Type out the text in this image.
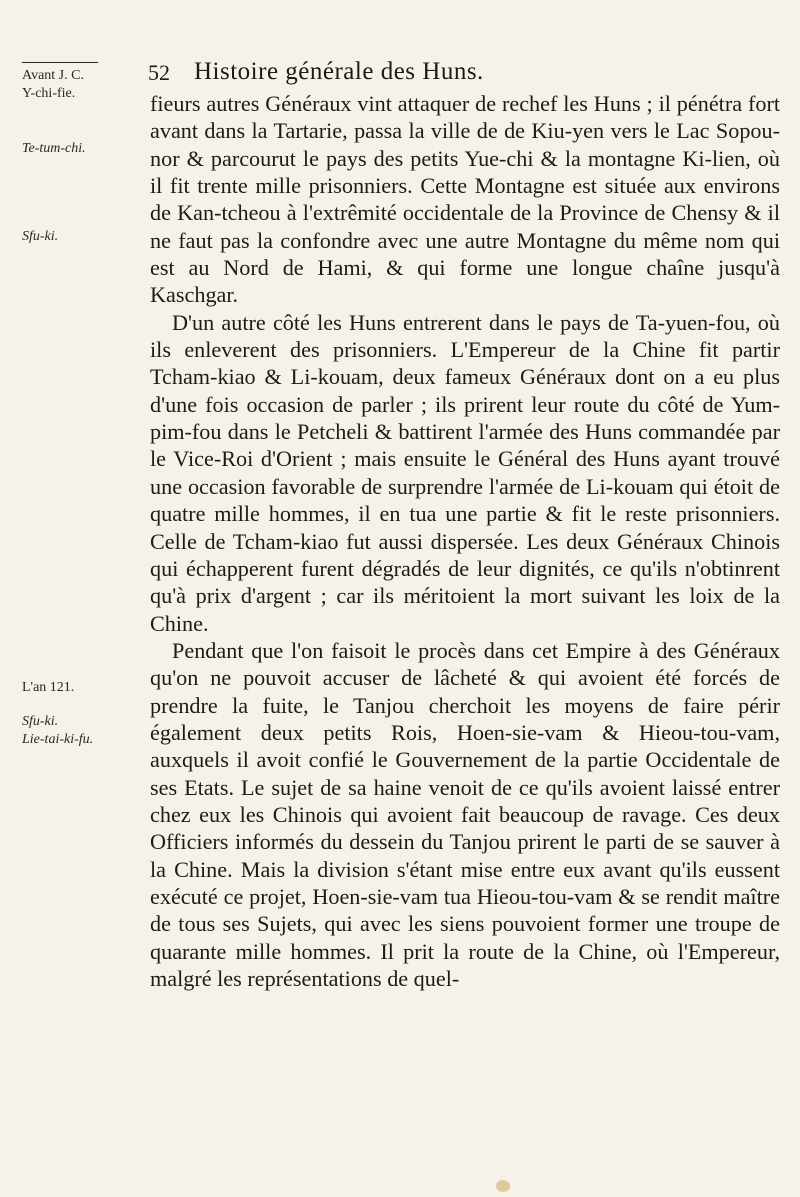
52 Histoire générale des Huns.
Avant J. C.
Y-chi-fie.
Te-tum-chi.
Sfu-ki.
L'an 121.
Sfu-ki.
Lie-tai-ki-fu.

fieurs autres Généraux vint attaquer de rechef les Huns ; il pénétra fort avant dans la Tartarie, passa la ville de de Kiu-yen vers le Lac Sopou-nor & parcourut le pays des petits Yue-chi & la montagne Ki-lien, où il fit trente mille prisonniers. Cette Montagne est située aux environs de Kan-tcheou à l'extrêmité occidentale de la Province de Chensy & il ne faut pas la confondre avec une autre Montagne du même nom qui est au Nord de Hami, & qui forme une longue chaîne jusqu'à Kaschgar.

D'un autre côté les Huns entrerent dans le pays de Ta-yuen-fou, où ils enleverent des prisonniers. L'Empereur de la Chine fit partir Tcham-kiao & Li-kouam, deux fameux Généraux dont on a eu plus d'une fois occasion de parler ; ils prirent leur route du côté de Yum-pim-fou dans le Petcheli & battirent l'armée des Huns commandée par le Vice-Roi d'Orient ; mais ensuite le Général des Huns ayant trouvé une occasion favorable de surprendre l'armée de Li-kouam qui étoit de quatre mille hommes, il en tua une partie & fit le reste prisonniers. Celle de Tcham-kiao fut aussi dispersée. Les deux Généraux Chinois qui échapperent furent dégradés de leur dignités, ce qu'ils n'obtinrent qu'à prix d'argent ; car ils méritoient la mort suivant les loix de la Chine.

Pendant que l'on faisoit le procès dans cet Empire à des Généraux qu'on ne pouvoit accuser de lâcheté & qui avoient été forcés de prendre la fuite, le Tanjou cherchoit les moyens de faire périr également deux petits Rois, Hoen-sie-vam & Hieou-tou-vam, auxquels il avoit confié le Gouvernement de la partie Occidentale de ses Etats. Le sujet de sa haine venoit de ce qu'ils avoient laissé entrer chez eux les Chinois qui avoient fait beaucoup de ravage. Ces deux Officiers informés du dessein du Tanjou prirent le parti de se sauver à la Chine. Mais la division s'étant mise entre eux avant qu'ils eussent exécuté ce projet, Hoen-sie-vam tua Hieou-tou-vam & se rendit maître de tous ses Sujets, qui avec les siens pouvoient former une troupe de quarante mille hommes. Il prit la route de la Chine, où l'Empereur, malgré les représentations de quel-
